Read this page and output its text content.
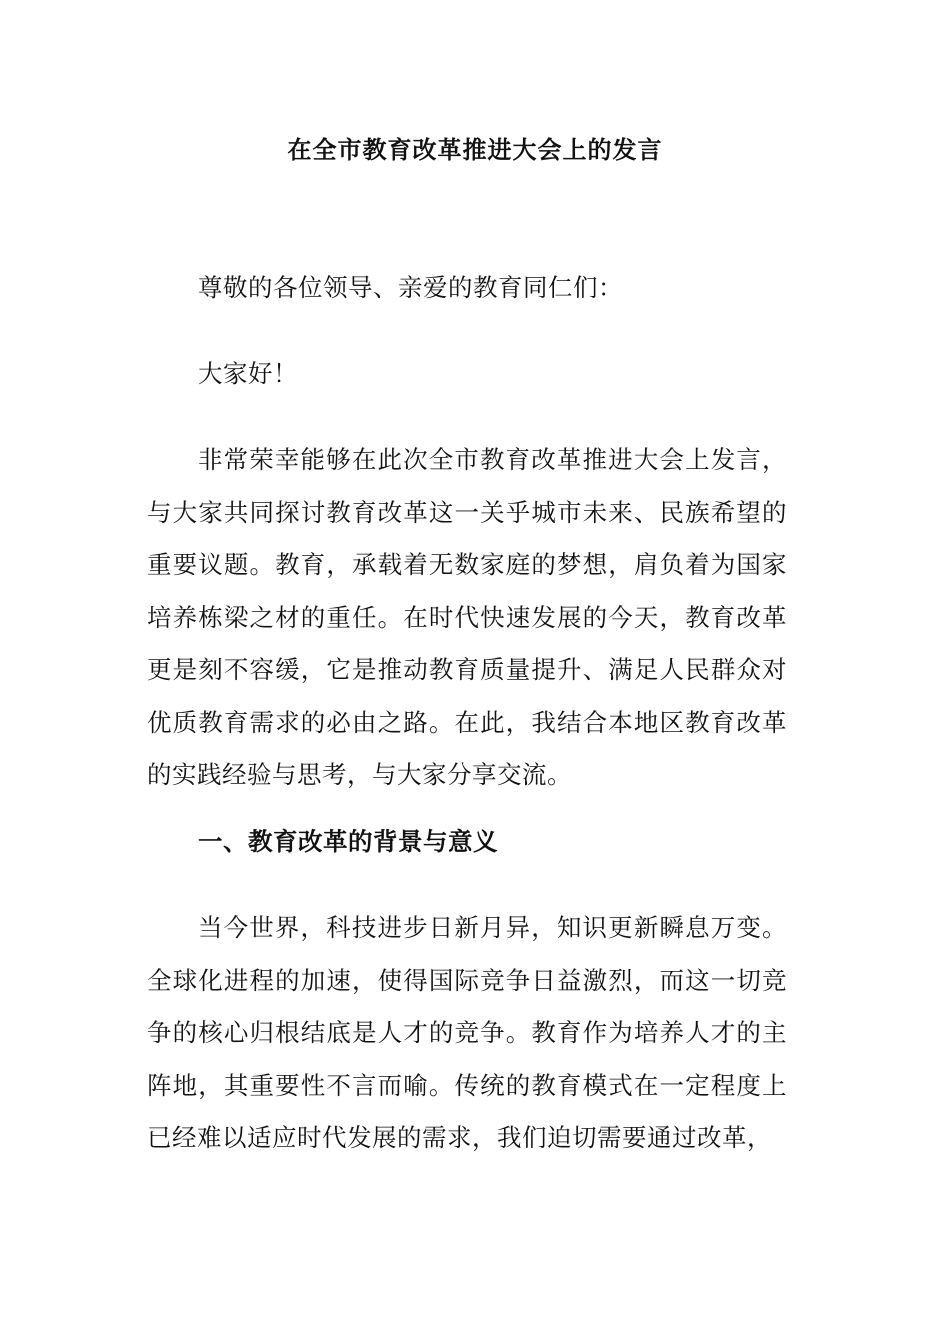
在全市教育改革推进大会上的发言

尊敬的各位领导、亲爱的教育同仁们：

大家好！

非常荣幸能够在此次全市教育改革推进大会上发言，与大家共同探讨教育改革这一关乎城市未来、民族希望的重要议题。教育，承载着无数家庭的梦想，肩负着为国家培养栋梁之材的重任。在时代快速发展的今天，教育改革更是刻不容缓，它是推动教育质量提升、满足人民群众对优质教育需求的必由之路。在此，我结合本地区教育改革的实践经验与思考，与大家分享交流。

一、教育改革的背景与意义

当今世界，科技进步日新月异，知识更新瞬息万变。全球化进程的加速，使得国际竞争日益激烈，而这一切竞争的核心归根结底是人才的竞争。教育作为培养人才的主阵地，其重要性不言而喻。传统的教育模式在一定程度上已经难以适应时代发展的需求，我们迫切需要通过改革，
